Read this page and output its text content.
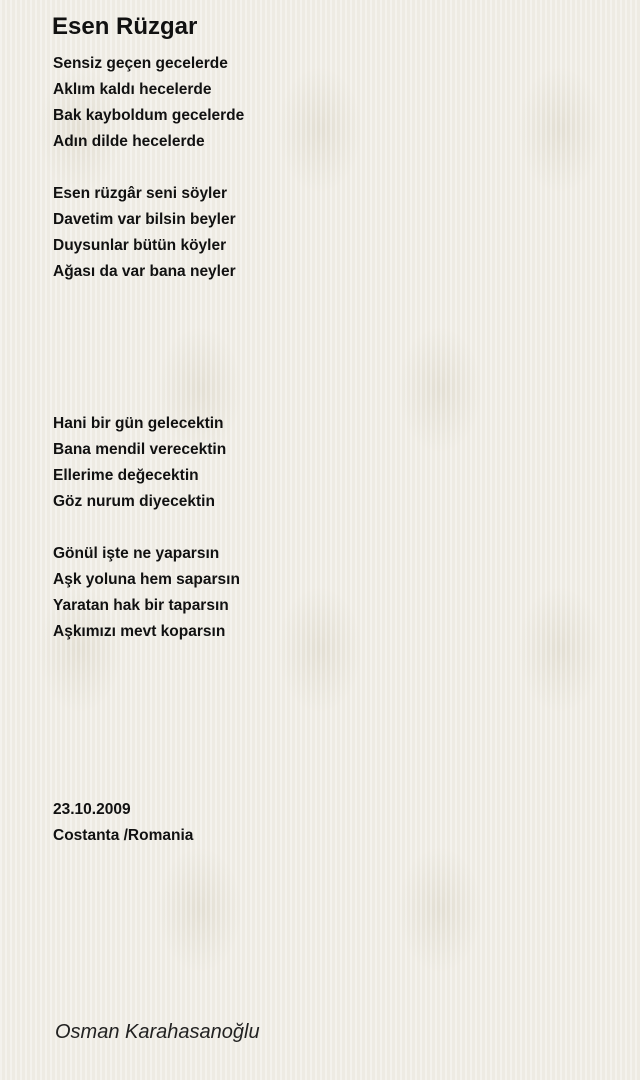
Esen Rüzgar
Sensiz geçen gecelerde
Aklım kaldı hecelerde
Bak kayboldum gecelerde
Adın dilde hecelerde
Esen rüzgâr seni söyler
Davetim var bilsin beyler
Duysunlar bütün köyler
Ağası da var bana neyler
Hani bir gün gelecektin
Bana mendil verecektin
Ellerime değecektin
Göz nurum diyecektin
Gönül işte ne yaparsın
Aşk yoluna hem saparsın
Yaratan hak bir taparsın
Aşkımızı mevt koparsın
23.10.2009
Costanta /Romania
Osman Karahasanoğlu
